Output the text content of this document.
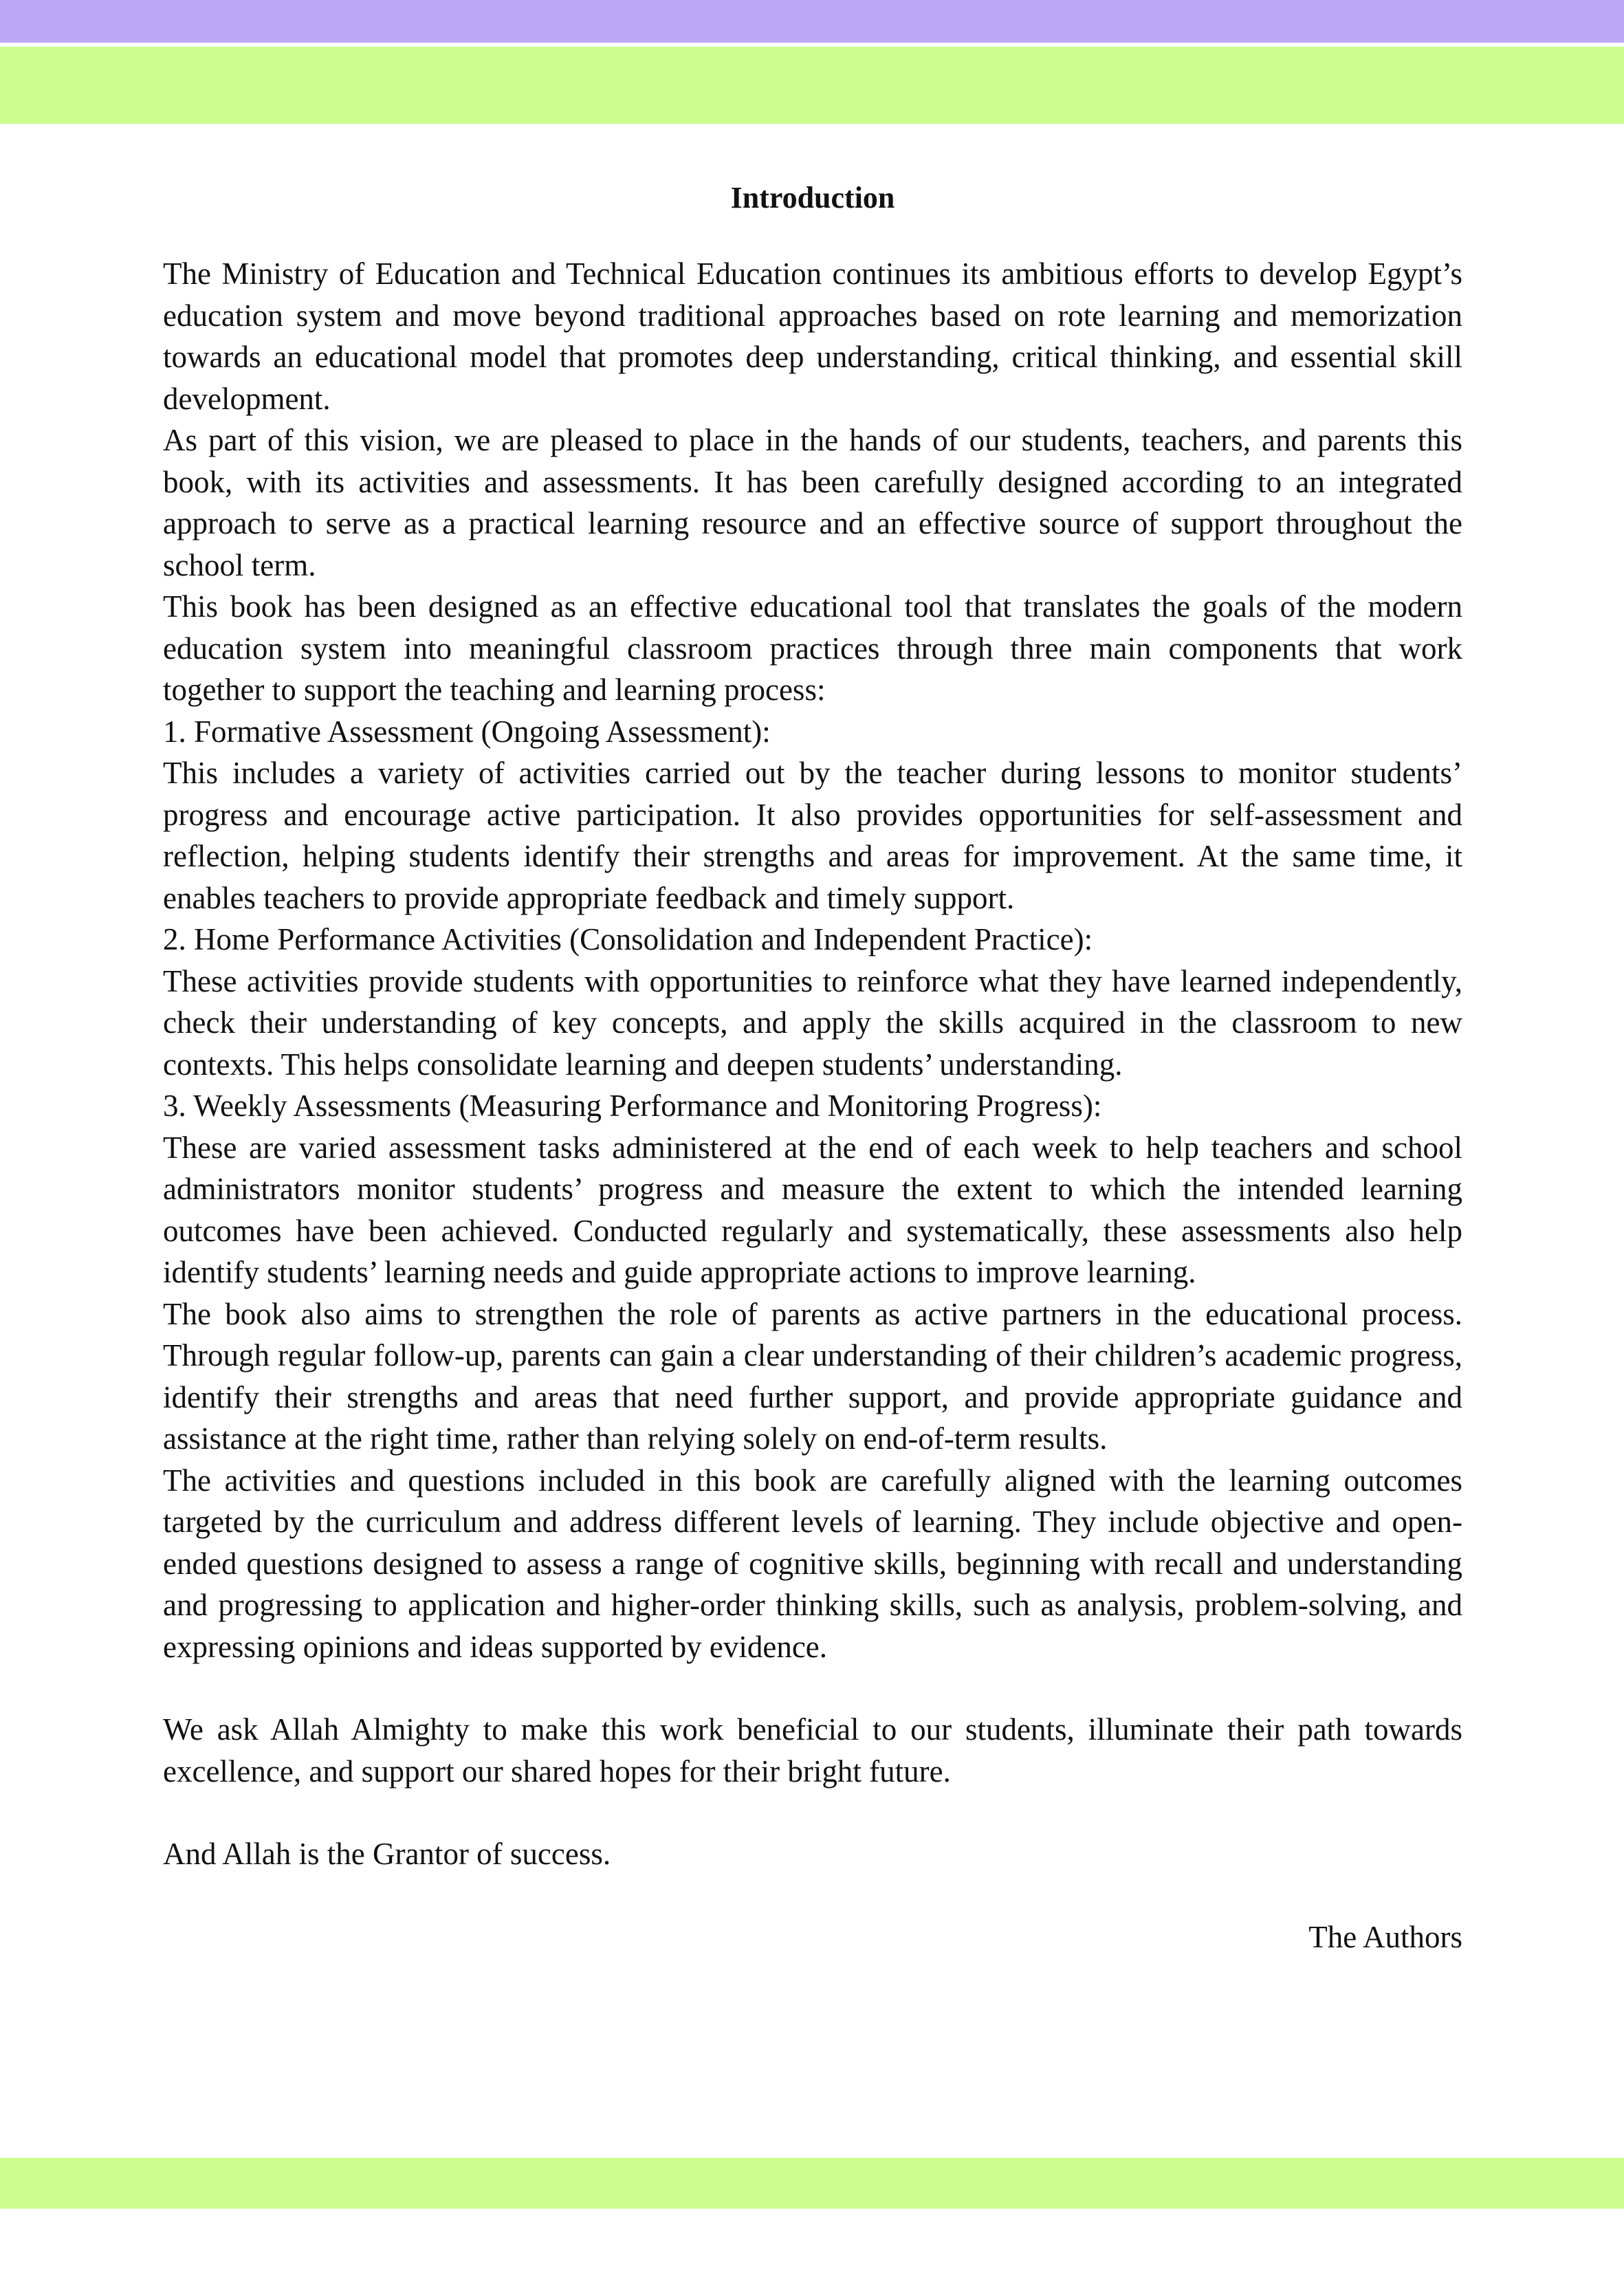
Introduction

The Ministry of Education and Technical Education continues its ambitious efforts to develop Egypt’s education system and move beyond traditional approaches based on rote learning and memorization towards an educational model that promotes deep understanding, critical thinking, and essential skill development.

As part of this vision, we are pleased to place in the hands of our students, teachers, and parents this book, with its activities and assessments. It has been carefully designed according to an integrated approach to serve as a practical learning resource and an effective source of support throughout the school term.

This book has been designed as an effective educational tool that translates the goals of the modern education system into meaningful classroom practices through three main components that work together to support the teaching and learning process:

1. Formative Assessment (Ongoing Assessment):

This includes a variety of activities carried out by the teacher during lessons to monitor students’ progress and encourage active participation. It also provides opportunities for self-assessment and reflection, helping students identify their strengths and areas for improvement. At the same time, it enables teachers to provide appropriate feedback and timely support.

2. Home Performance Activities (Consolidation and Independent Practice):

These activities provide students with opportunities to reinforce what they have learned independently, check their understanding of key concepts, and apply the skills acquired in the classroom to new contexts. This helps consolidate learning and deepen students’ understanding.

3. Weekly Assessments (Measuring Performance and Monitoring Progress):

These are varied assessment tasks administered at the end of each week to help teachers and school administrators monitor students’ progress and measure the extent to which the intended learning outcomes have been achieved. Conducted regularly and systematically, these assessments also help identify students’ learning needs and guide appropriate actions to improve learning.

The book also aims to strengthen the role of parents as active partners in the educational process. Through regular follow-up, parents can gain a clear understanding of their children’s academic progress, identify their strengths and areas that need further support, and provide appropriate guidance and assistance at the right time, rather than relying solely on end-of-term results.

The activities and questions included in this book are carefully aligned with the learning outcomes targeted by the curriculum and address different levels of learning. They include objective and open-ended questions designed to assess a range of cognitive skills, beginning with recall and understanding and progressing to application and higher-order thinking skills, such as analysis, problem-solving, and expressing opinions and ideas supported by evidence.

We ask Allah Almighty to make this work beneficial to our students, illuminate their path towards excellence, and support our shared hopes for their bright future.

And Allah is the Grantor of success.

The Authors
